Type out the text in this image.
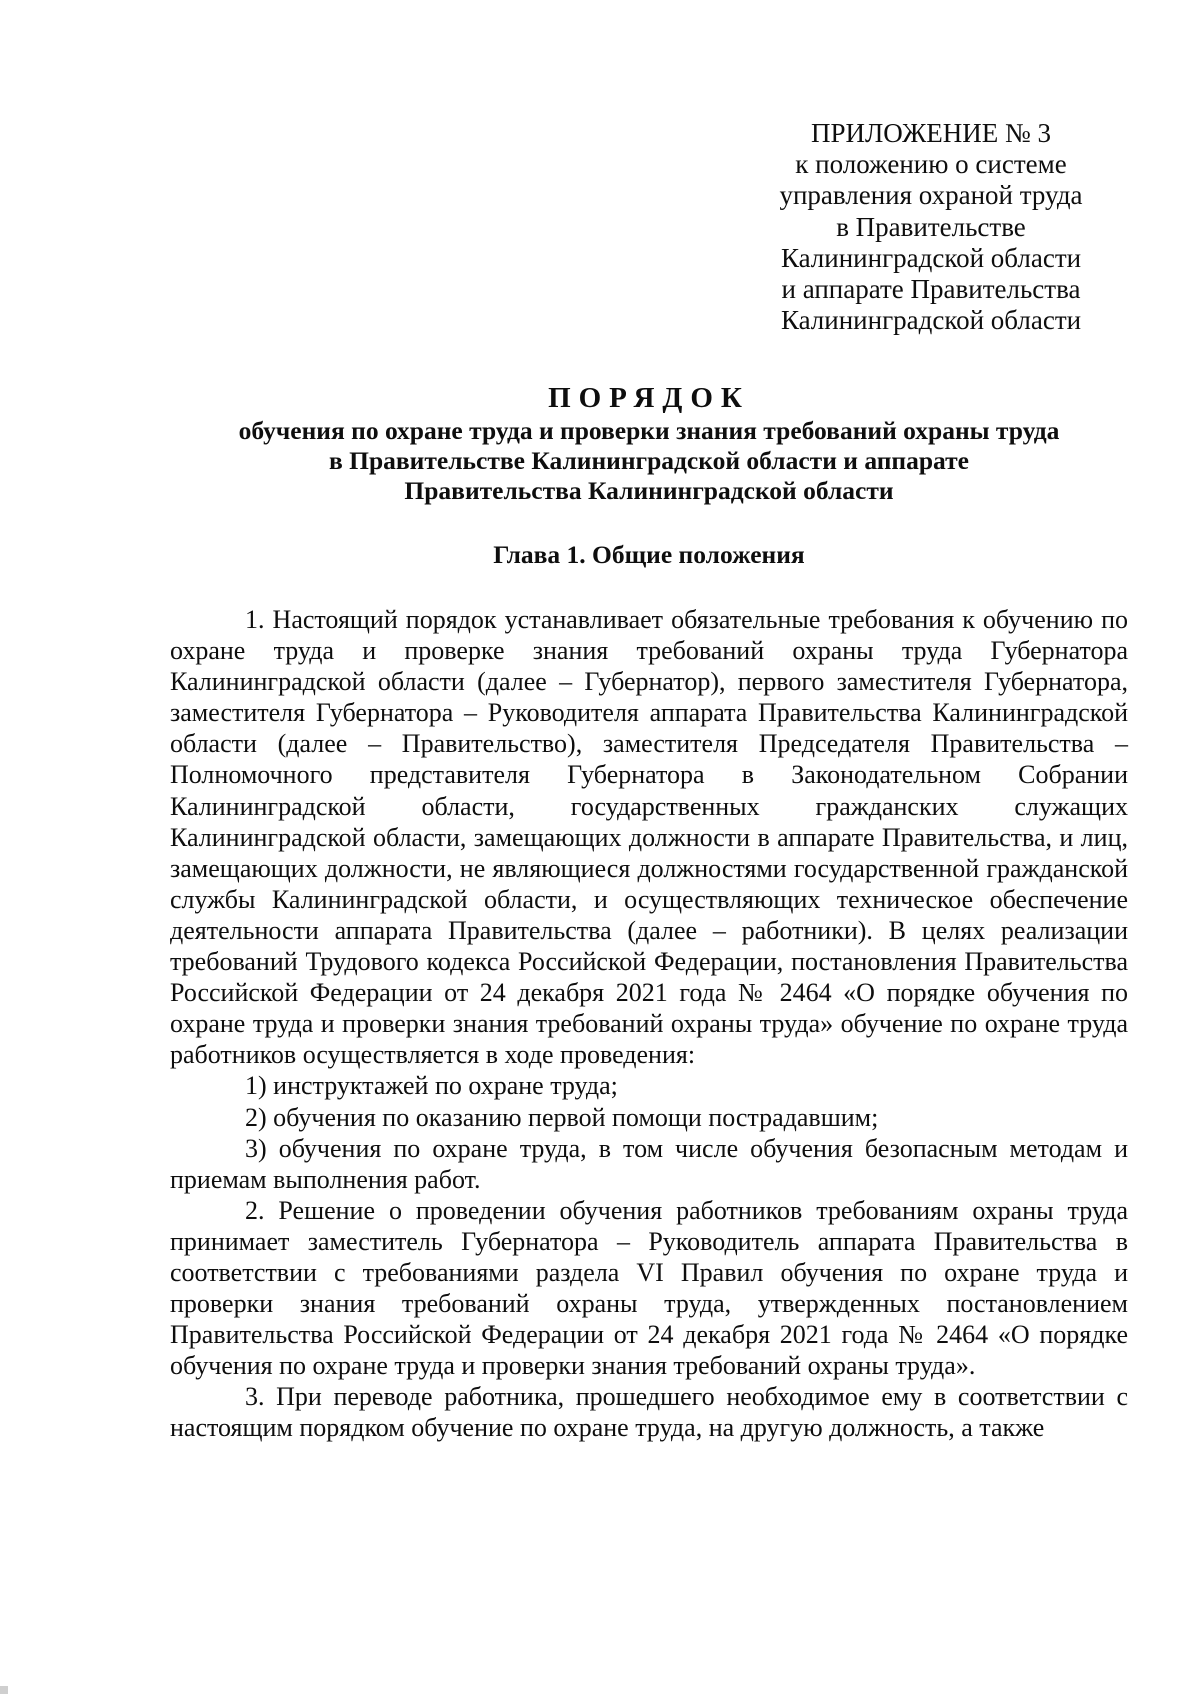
ПРИЛОЖЕНИЕ № 3
к положению о системе
управления охраной труда
в Правительстве
Калининградской области
и аппарате Правительства
Калининградской области
ПОРЯДОК
обучения по охране труда и проверки знания требований охраны труда
в Правительстве Калининградской области и аппарате
Правительства Калининградской области
Глава 1. Общие положения

1. Настоящий порядок устанавливает обязательные требования к обучению по охране труда и проверке знания требований охраны труда Губернатора Калининградской области (далее – Губернатор), первого заместителя Губернатора, заместителя Губернатора – Руководителя аппарата Правительства Калининградской области (далее – Правительство), заместителя Председателя Правительства – Полномочного представителя Губернатора в Законодательном Собрании Калининградской области, государственных гражданских служащих Калининградской области, замещающих должности в аппарате Правительства, и лиц, замещающих должности, не являющиеся должностями государственной гражданской службы Калининградской области, и осуществляющих техническое обеспечение деятельности аппарата Правительства (далее – работники). В целях реализации требований Трудового кодекса Российской Федерации, постановления Правительства Российской Федерации от 24 декабря 2021 года № 2464 «О порядке обучения по охране труда и проверки знания требований охраны труда» обучение по охране труда работников осуществляется в ходе проведения:

1) инструктажей по охране труда;

2) обучения по оказанию первой помощи пострадавшим;

3) обучения по охране труда, в том числе обучения безопасным методам и приемам выполнения работ.

2. Решение о проведении обучения работников требованиям охраны труда принимает заместитель Губернатора – Руководитель аппарата Правительства в соответствии с требованиями раздела VI Правил обучения по охране труда и проверки знания требований охраны труда, утвержденных постановлением Правительства Российской Федерации от 24 декабря 2021 года № 2464 «О порядке обучения по охране труда и проверки знания требований охраны труда».

3. При переводе работника, прошедшего необходимое ему в соответствии с настоящим порядком обучение по охране труда, на другую должность, а также
